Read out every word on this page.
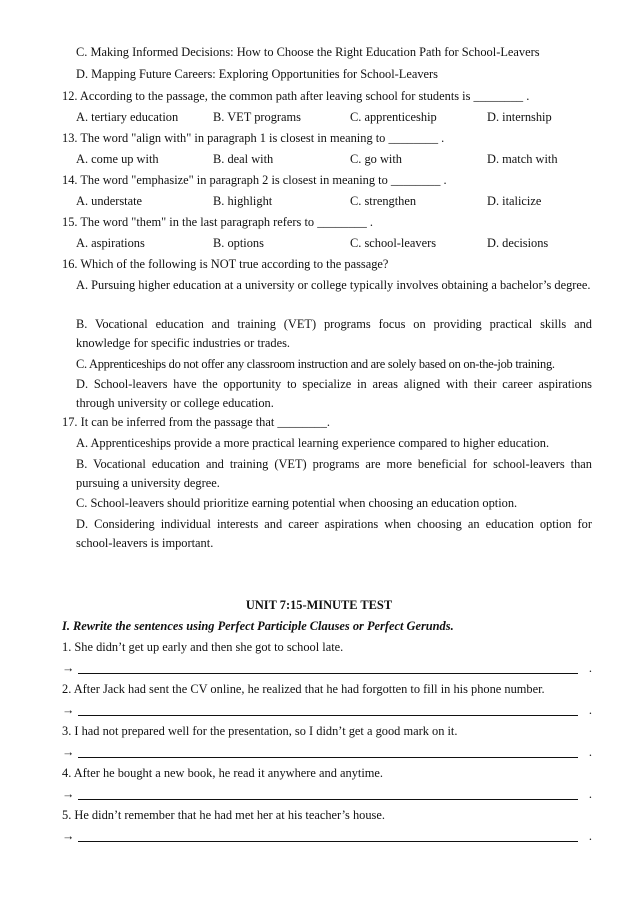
C. Making Informed Decisions: How to Choose the Right Education Path for School-Leavers
D. Mapping Future Careers: Exploring Opportunities for School-Leavers
12. According to the passage, the common path after leaving school for students is ________ .
A. tertiary education	B. VET programs	C. apprenticeship	D. internship
13. The word "align with" in paragraph 1 is closest in meaning to ________ .
A. come up with	B. deal with	C. go with	D. match with
14. The word "emphasize" in paragraph 2 is closest in meaning to ________ .
A. understate	B. highlight	C. strengthen	D. italicize
15. The word "them" in the last paragraph refers to ________ .
A. aspirations	B. options	C. school-leavers	D. decisions
16. Which of the following is NOT true according to the passage?
A. Pursuing higher education at a university or college typically involves obtaining a bachelor’s degree.
B. Vocational education and training (VET) programs focus on providing practical skills and knowledge for specific industries or trades.
C. Apprenticeships do not offer any classroom instruction and are solely based on on-the-job training.
D. School-leavers have the opportunity to specialize in areas aligned with their career aspirations through university or college education.
17. It can be inferred from the passage that ________.
A. Apprenticeships provide a more practical learning experience compared to higher education.
B. Vocational education and training (VET) programs are more beneficial for school-leavers than pursuing a university degree.
C. School-leavers should prioritize earning potential when choosing an education option.
D. Considering individual interests and career aspirations when choosing an education option for school-leavers is important.
UNIT 7:15-MINUTE TEST
I. Rewrite the sentences using Perfect Participle Clauses or Perfect Gerunds.
1. She didn’t get up early and then she got to school late.
→	.
2. After Jack had sent the CV online, he realized that he had forgotten to fill in his phone number.
→	.
3. I had not prepared well for the presentation, so I didn’t get a good mark on it.
→	.
4. After he bought a new book, he read it anywhere and anytime.
→	.
5. He didn’t remember that he had met her at his teacher’s house.
→	.
